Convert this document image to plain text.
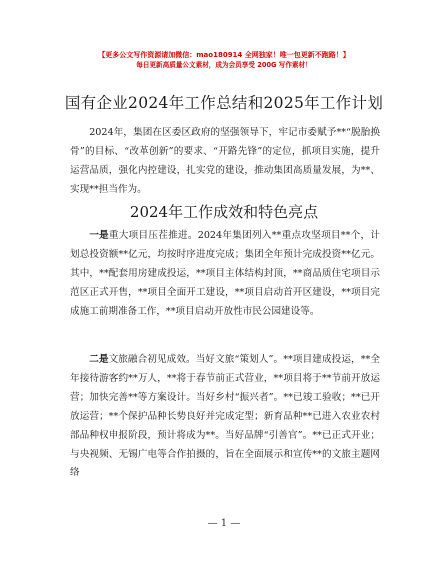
【更多公文写作资源请加微信：mao180914 全网独家！唯一包更新不跑路！】
每日更新高质量公文素材，成为会员享受 200G 写作素材！
国有企业2024年工作总结和2025年工作计划

2024年，集团在区委区政府的坚强领导下，牢记市委赋予**“脱胎换骨”的目标、“改革创新”的要求、“开路先锋”的定位，抓项目实施，提升运营品质，强化内控建设，扎实党的建设，推动集团高质量发展，为**、实现**担当作为。

2024年工作成效和特色亮点

一是重大项目压茬推进。2024年集团列入**重点攻坚项目**个，计划总投资额**亿元，均按时序进度完成；集团全年预计完成投资**亿元。其中，**配套用房建成投运，**项目主体结构封顶，**商品质住宅项目示范区正式开售，**项目全面开工建设，**项目启动首开区建设，**项目完成施工前期准备工作，**项目启动开放性市民公园建设等。

二是文旅融合初见成效。当好文旅“策划人”。**项目建成投运，**全年接待游客约**万人，**将于春节前正式营业，**项目将于**节前开放运营；加快完善**等方案设计。当好乡村“振兴者”。**已竣工验收；**已开放运营；**个保护品种长势良好并完成定型；新育品种**已进入农业农村部品种权申报阶段，预计将成为**。当好品牌“引善官”。**已正式开业；与央视频、无锡广电等合作拍摄的，旨在全面展示和宣传**的文旅主题网络

— 1 —
